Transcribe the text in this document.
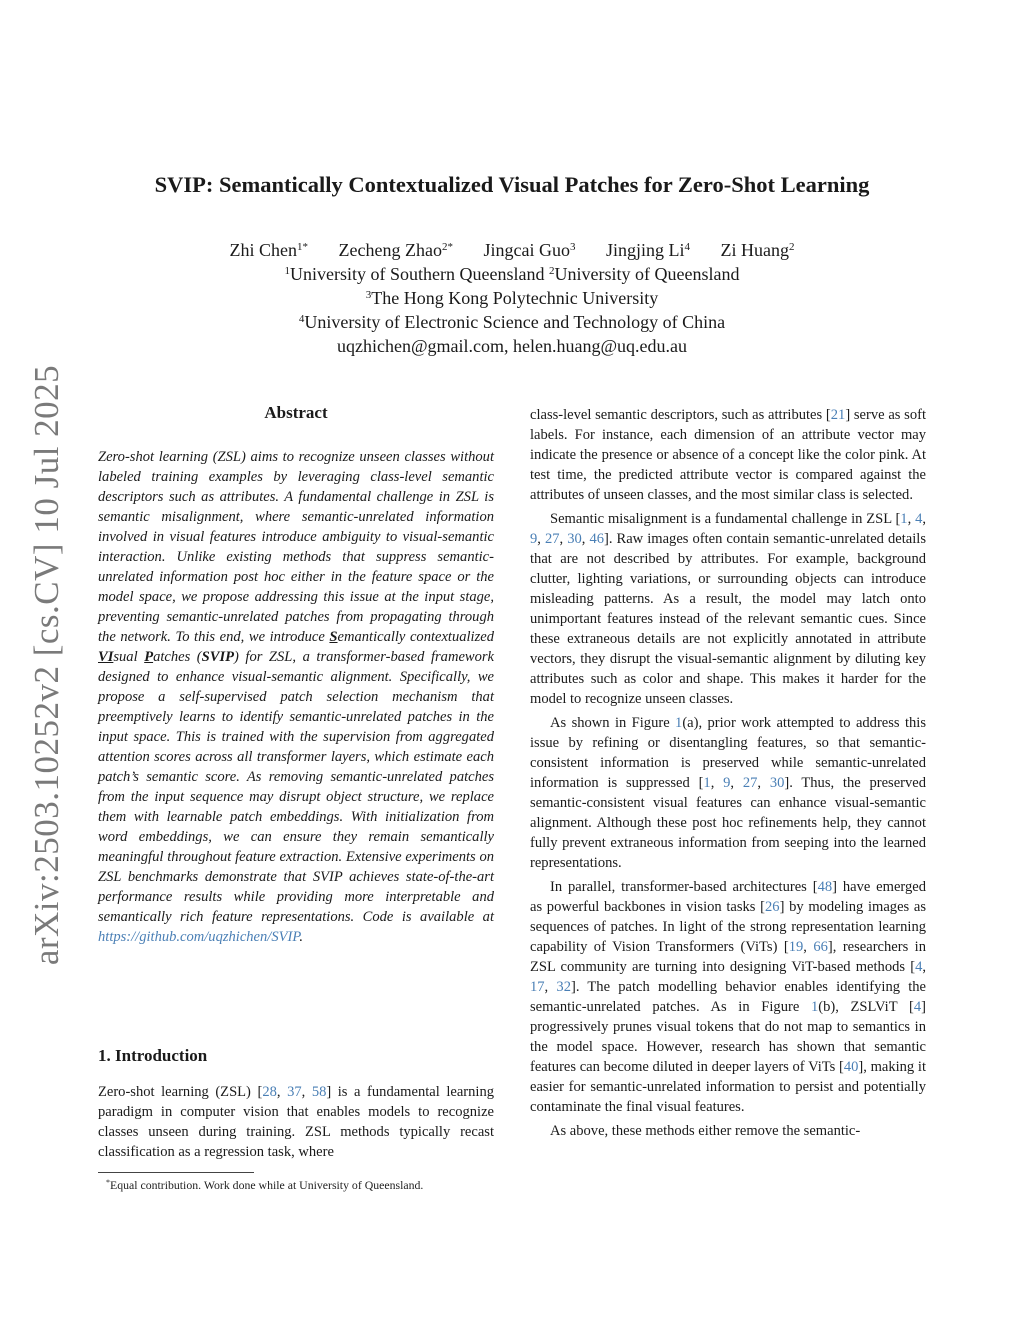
arXiv:2503.10252v2 [cs.CV] 10 Jul 2025
SVIP: Semantically Contextualized Visual Patches for Zero-Shot Learning
Zhi Chen$^{1*}$ Zecheng Zhao$^{2*}$ Jingcai Guo$^3$ Jingjing Li$^4$ Zi Huang$^2$
$^1$University of Southern Queensland $^2$University of Queensland
$^3$The Hong Kong Polytechnic University
$^4$University of Electronic Science and Technology of China
uqzhichen@gmail.com, helen.huang@uq.edu.au
Abstract

Zero-shot learning (ZSL) aims to recognize unseen classes without labeled training examples by leveraging class-level semantic descriptors such as attributes. A fundamental challenge in ZSL is semantic misalignment, where semantic-unrelated information involved in visual features introduce ambiguity to visual-semantic interaction. Unlike existing methods that suppress semantic-unrelated information post hoc either in the feature space or the model space, we propose addressing this issue at the input stage, preventing semantic-unrelated patches from propagating through the network. To this end, we introduce Semantically contextualized VIsual Patches (SVIP) for ZSL, a transformer-based framework designed to enhance visual-semantic alignment. Specifically, we propose a self-supervised patch selection mechanism that preemptively learns to identify semantic-unrelated patches in the input space. This is trained with the supervision from aggregated attention scores across all transformer layers, which estimate each patch’s semantic score. As removing semantic-unrelated patches from the input sequence may disrupt object structure, we replace them with learnable patch embeddings. With initialization from word embeddings, we can ensure they remain semantically meaningful throughout feature extraction. Extensive experiments on ZSL benchmarks demonstrate that SVIP achieves state-of-the-art performance results while providing more interpretable and semantically rich feature representations. Code is available at https://github.com/uqzhichen/SVIP.

1. Introduction

Zero-shot learning (ZSL) [28, 37, 58] is a fundamental learning paradigm in computer vision that enables models to recognize classes unseen during training. ZSL methods typically recast classification as a regression task, where

*Equal contribution. Work done while at University of Queensland.

class-level semantic descriptors, such as attributes [21] serve as soft labels. For instance, each dimension of an attribute vector may indicate the presence or absence of a concept like the color pink. At test time, the predicted attribute vector is compared against the attributes of unseen classes, and the most similar class is selected.

Semantic misalignment is a fundamental challenge in ZSL [1, 4, 9, 27, 30, 46]. Raw images often contain semantic-unrelated details that are not described by attributes. For example, background clutter, lighting variations, or surrounding objects can introduce misleading patterns. As a result, the model may latch onto unimportant features instead of the relevant semantic cues. Since these extraneous details are not explicitly annotated in attribute vectors, they disrupt the visual-semantic alignment by diluting key attributes such as color and shape. This makes it harder for the model to recognize unseen classes.

As shown in Figure 1(a), prior work attempted to address this issue by refining or disentangling features, so that semantic-consistent information is preserved while semantic-unrelated information is suppressed [1, 9, 27, 30]. Thus, the preserved semantic-consistent visual features can enhance visual-semantic alignment. Although these post hoc refinements help, they cannot fully prevent extraneous information from seeping into the learned representations.

In parallel, transformer-based architectures [48] have emerged as powerful backbones in vision tasks [26] by modeling images as sequences of patches. In light of the strong representation learning capability of Vision Transformers (ViTs) [19, 66], researchers in ZSL community are turning into designing ViT-based methods [4, 17, 32]. The patch modelling behavior enables identifying the semantic-unrelated patches. As in Figure 1(b), ZSLViT [4] progressively prunes visual tokens that do not map to semantics in the model space. However, research has shown that semantic features can become diluted in deeper layers of ViTs [40], making it easier for semantic-unrelated information to persist and potentially contaminate the final visual features.

As above, these methods either remove the semantic-
